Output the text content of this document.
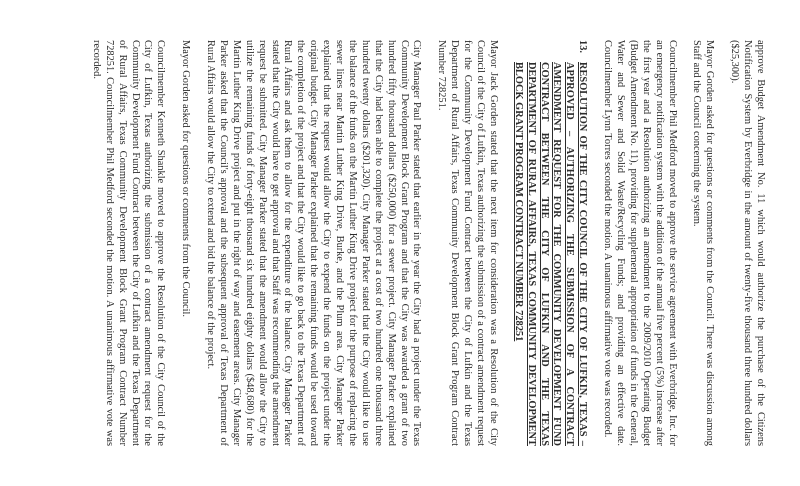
approve Budget Amendment No. 11 which would authorize the purchase of the Citizens Notification System by Everbridge in the amount of twenty-five thousand three hundred dollars ($25,300).

Mayor Gorden asked for questions or comments from the Council. There was discussion among Staff and the Council concerning the system.

Councilmember Phil Medford moved to approve the service agreement with Everbridge, Inc. for an emergency notification system with the addition of the annual five percent (5%) increase after the first year and a Resolution authorizing an amendment to the 2009/2010 Operating Budget (Budget Amendment No. 11), providing for supplemental appropriation of funds in the General, Water and Sewer and Solid Waste/Recycling Funds; and providing an effective date. Councilmember Lynn Torres seconded the motion. A unanimous affirmative vote was recorded.

13.
RESOLUTION OF THE CITY COUNCIL OF THE CITY OF LUFKIN, TEXAS – APPROVED – AUTHORIZING THE SUBMISSION OF A CONTRACT AMENDMENT REQUEST FOR THE COMMUNITY DEVELOPMENT FUND CONTRACT BETWEEN THE CITY OF LUFKIN AND THE TEXAS DEPARTMENT OF RURAL AFFAIRS, TEXAS COMMUNITY DEVELOPMENT BLOCK GRANT PROGRAM CONTRACT NUMBER 728251

Mayor Jack Gorden stated that the next item for consideration was a Resolution of the City Council of the City of Lufkin, Texas authorizing the submission of a contract amendment request for the Community Development Fund Contract between the City of Lufkin and the Texas Department of Rural Affairs, Texas Community Development Block Grant Program Contract Number 728251.

City Manager Paul Parker stated that earlier in the year the City had a project under the Texas Community Development Block Grant Program and that the City was awarded a grant of two hundred fifty thousand dollars ($250,000) for a sewer project. City Manager Parker explained that the City had been able to complete the project at a cost of two hundred one thousand three hundred twenty dollars ($201,320). City Manager Parker stated that the City would like to use the balance of the funds on the Martin Luther King Drive project for the purpose of replacing the sewer lines near Martin Luther King Drive, Burke, and the Plum area. City Manager Parker explained that the request would allow the City to expend the funds on the project under the original budget. City Manager Parker explained that the remaining funds would be used toward the completion of the project and that the City would like to go back to the Texas Department of Rural Affairs and ask them to allow for the expenditure of the balance. City Manager Parker stated that the City would have to get approval and that Staff was recommending the amendment request be submitted. City Manager Parker stated that the amendment would allow the City to utilize the remaining funds of forty-eight thousand six hundred eighty dollars ($48,680) for the Martin Luther King Drive project and put in the right of way and easement areas. City Manager Parker asked that the Council's approval and the subsequent approval of Texas Department of Rural Affairs would allow the City to extend and bid the balance of the project.

Mayor Gorden asked for questions or comments from the Council.

Councilmember Kenneth Shankle moved to approve the Resolution of the City Council of the City of Lufkin, Texas authorizing the submission of a contract amendment request for the Community Development Fund Contract between the City of Lufkin and the Texas Department of Rural Affairs, Texas Community Development Block Grant Program Contract Number 728251. Councilmember Phil Medford seconded the motion. A unanimous affirmative vote was recorded.
